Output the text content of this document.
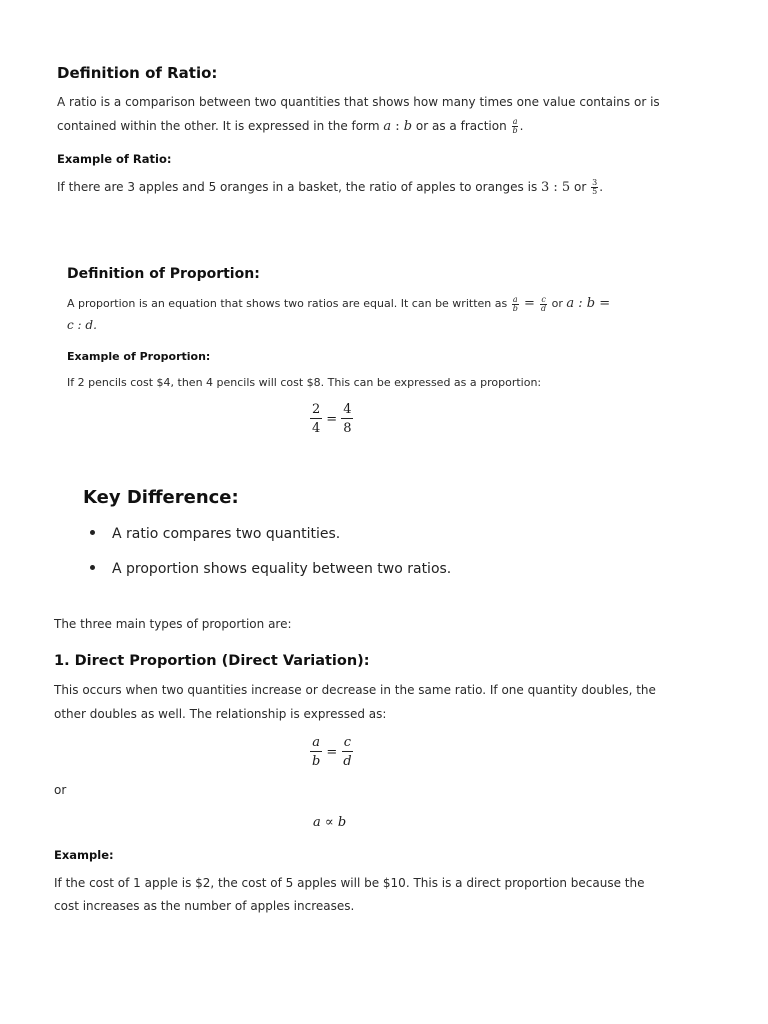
Definition of Ratio:
A ratio is a comparison between two quantities that shows how many times one value contains or is
contained within the other. It is expressed in the form a : b or as a fraction $\frac{a}{b}$ .
Example of Ratio:
If there are 3 apples and 5 oranges in a basket, the ratio of apples to oranges is 3 : 5 or $\frac{3}{5}$ .
Definition of Proportion:
A proportion is an equation that shows two ratios are equal. It can be written as $\frac{a}{b} = \frac{c}{d}$ or a : b =
c : d.
Example of Proportion:
If 2 pencils cost $4, then 4 pencils will cost $8. This can be expressed as a proportion:
$\frac{2}{4} = \frac{4}{8}$
Key Difference:
A ratio compares two quantities.
A proportion shows equality between two ratios.
The three main types of proportion are:
1. Direct Proportion (Direct Variation):
This occurs when two quantities increase or decrease in the same ratio. If one quantity doubles, the
other doubles as well. The relationship is expressed as:
$\frac{a}{b} = \frac{c}{d}$
or
a ∝ b
Example:
If the cost of 1 apple is $2, the cost of 5 apples will be $10. This is a direct proportion because the
cost increases as the number of apples increases.
